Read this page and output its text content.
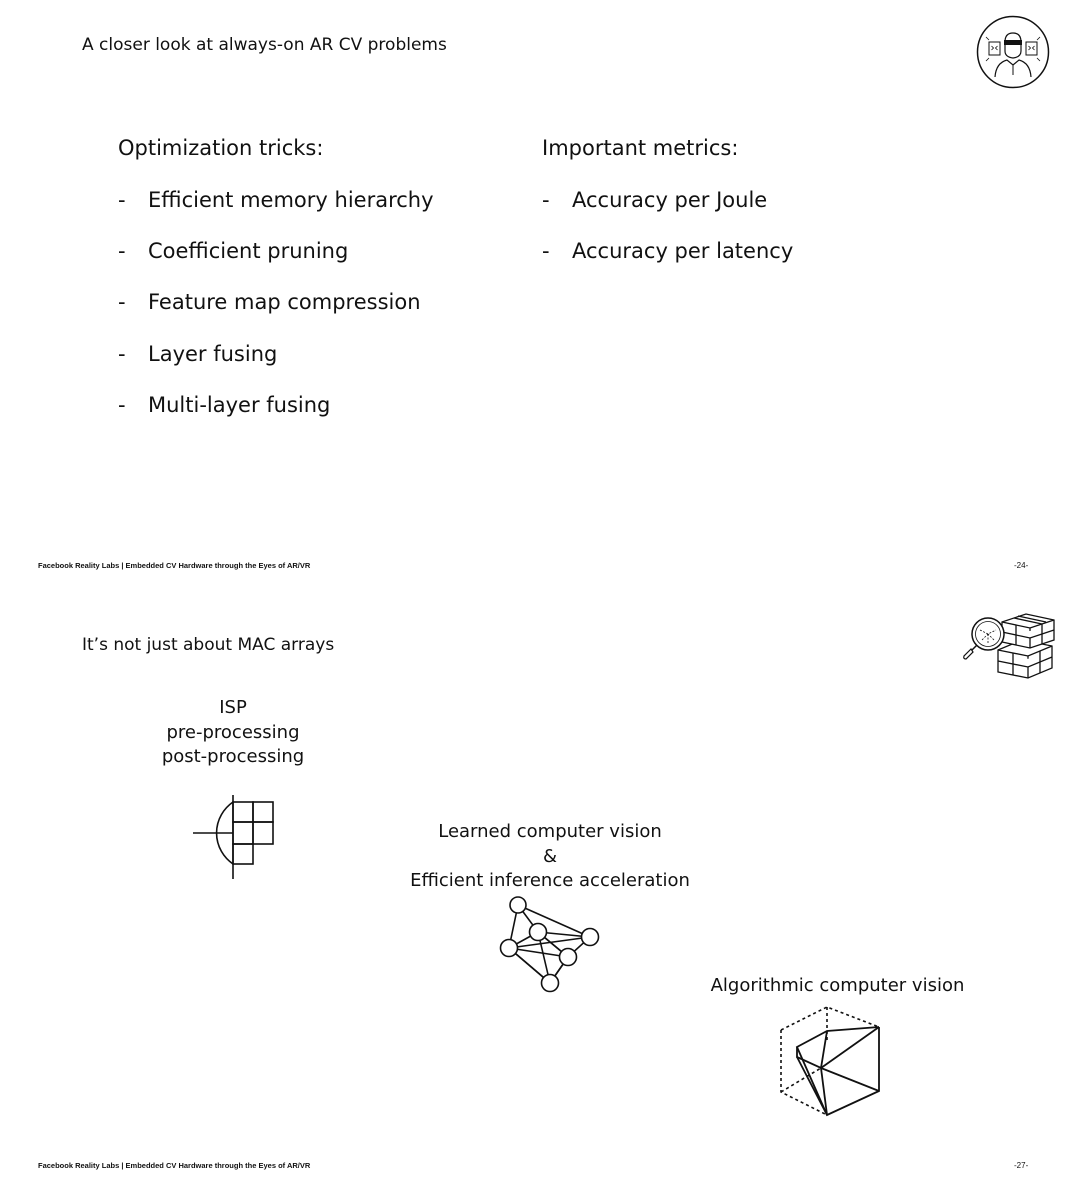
A closer look at always-on AR CV problems
Optimization tricks:
- Efficient memory hierarchy
- Coefficient pruning
- Feature map compression
- Layer fusing
- Multi-layer fusing
Important metrics:
- Accuracy per Joule
- Accuracy per latency
Facebook Reality Labs | Embedded CV Hardware through the Eyes of AR/VR	-24-
It’s not just about MAC arrays
ISP
pre-processing
post-processing
Learned computer vision
&
Efficient inference acceleration
Algorithmic computer vision
Facebook Reality Labs | Embedded CV Hardware through the Eyes of AR/VR	-27-
